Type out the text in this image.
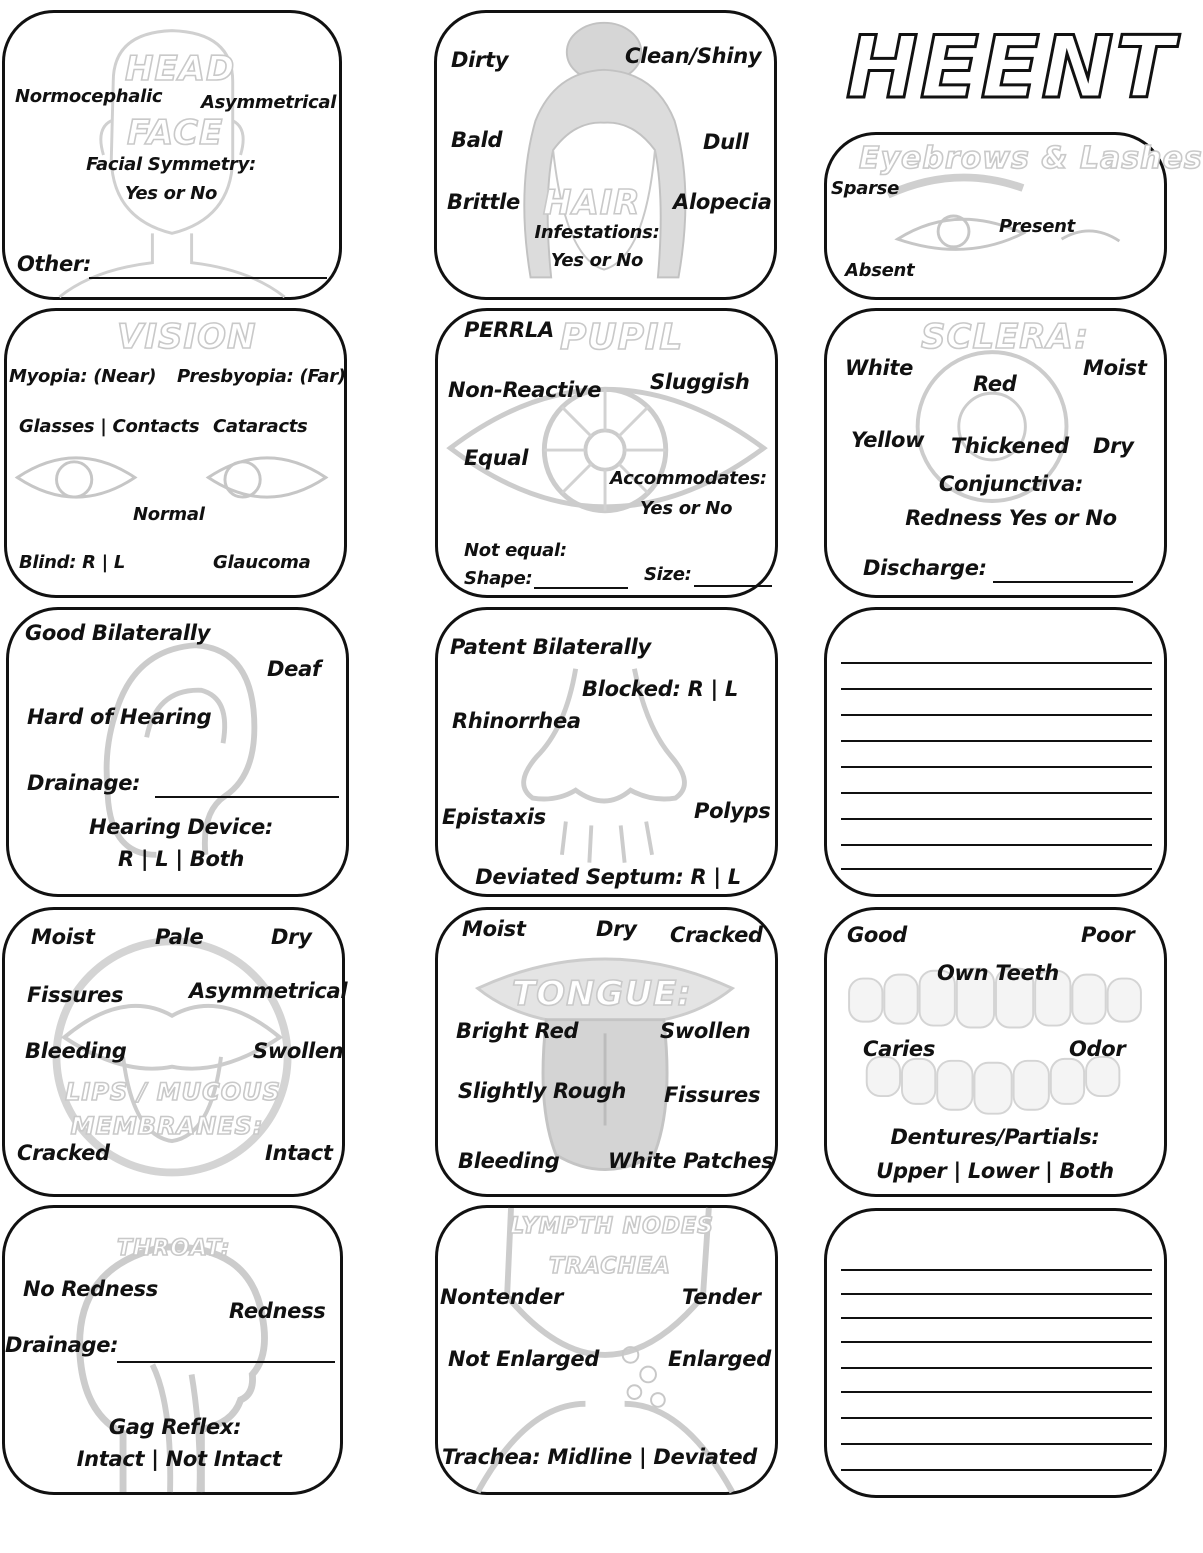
HEENT
HEAD
FACE
Normocephalic Asymmetrical
Facial Symmetry:
Yes or No
Other:
Dirty	Clean/Shiny
Bald	Dull
Brittle HAIR Alopecia
Infestations:
Yes or No
Eyebrows & Lashes
Sparse
Present
Absent
VISION
Myopia: (Near) Presbyopia: (Far)
Glasses | Contacts Cataracts
Normal
Blind: R | L	Glaucoma
PERRLA PUPIL
Non-Reactive Sluggish
Equal
Accommodates:
Yes or No
Not equal:
Shape:	Size:
SCLERA:
White
Red
Moist
Yellow Thickened Dry
Conjunctiva:
Redness Yes or No
Discharge:
Good Bilaterally
Deaf
Hard of Hearing
Drainage:
Hearing Device:
R | L | Both
Patent Bilaterally
Blocked: R | L
Rhinorrhea
Epistaxis	Polyps
Deviated Septum: R | L
Moist	Pale	Dry
Fissures	Asymmetrical
Bleeding	Swollen
LIPS / MUCOUS
MEMBRANES:
Cracked	Intact
Moist	Dry Cracked
TONGUE:
Bright Red	Swollen
Slightly Rough Fissures
Bleeding White Patches
Good	Poor
Own Teeth
Caries	Odor
Dentures/Partials:
Upper | Lower | Both
THROAT:
No Redness
Redness
Drainage:
Gag Reflex:
Intact | Not Intact
LYMPTH NODES
TRACHEA
Nontender	Tender
Not Enlarged	Enlarged
Trachea: Midline | Deviated
